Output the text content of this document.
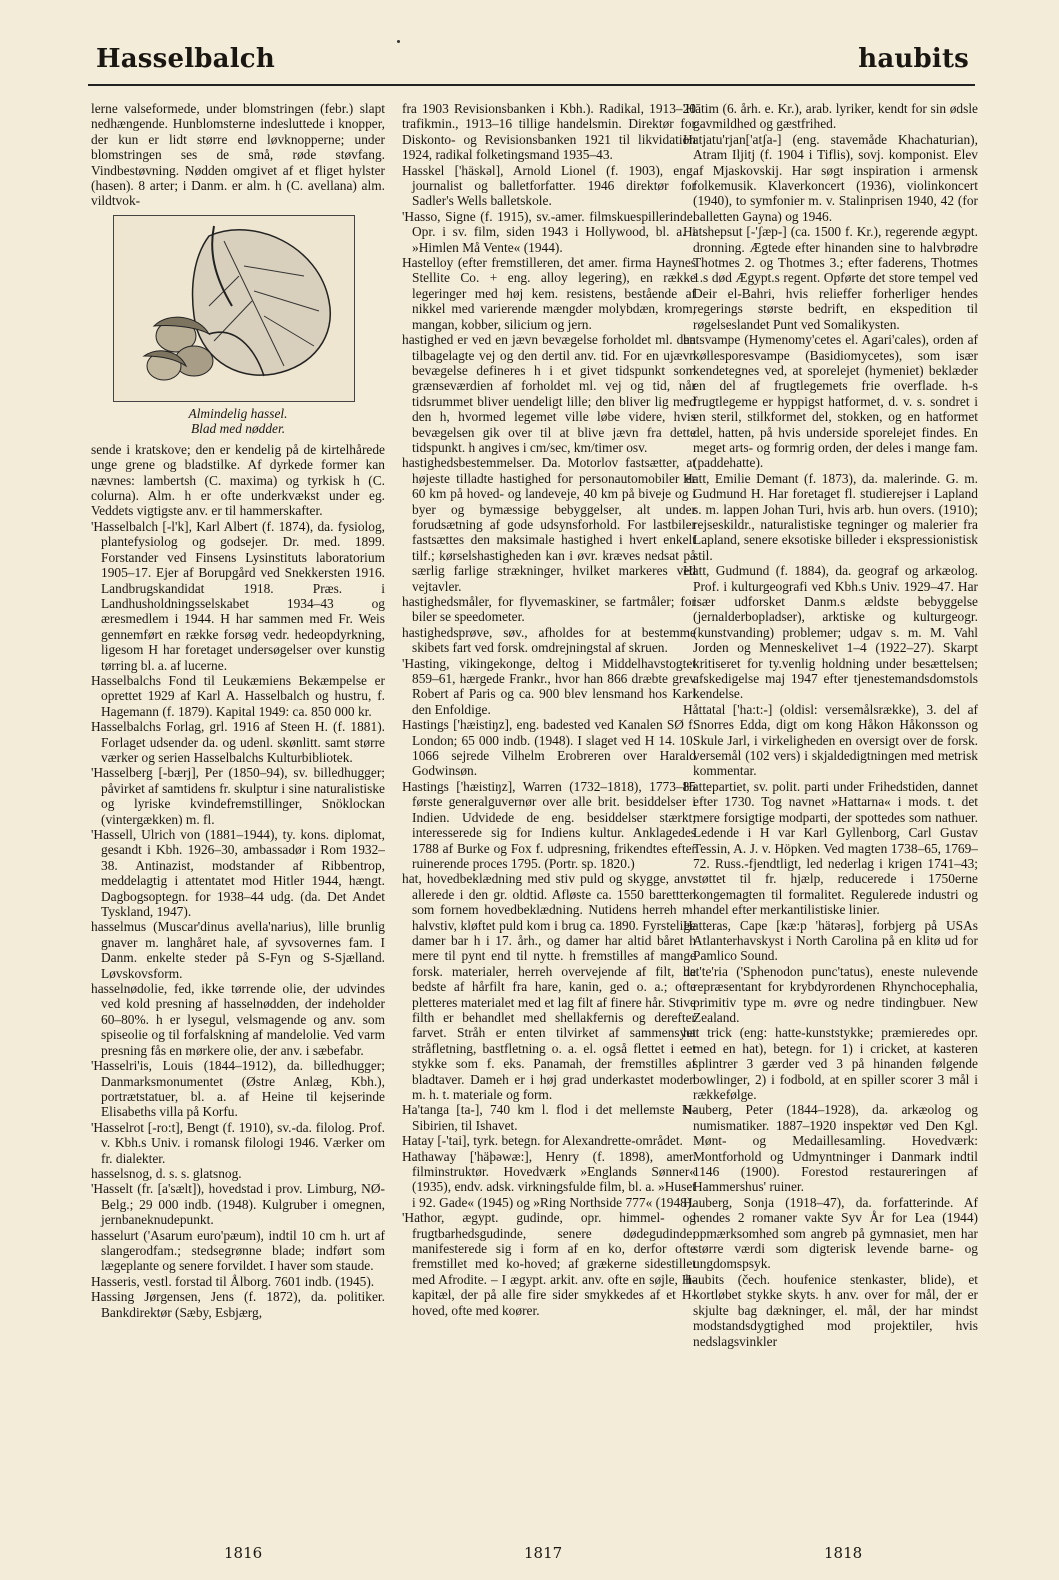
Hasselbalch	haubits

lerne valseformede, under blomstringen (febr.) slapt nedhængende. Hunblomsterne indesluttede i knopper, der kun er lidt større end løvknopperne; under blomstringen ses de små, røde støvfang. Vindbestøvning. Nødden omgivet af et fliget hylster (hasen). 8 arter; i Danm. er alm. h (C. avellana) alm. vildtvok-

Almindelig hassel.
Blad med nødder.

sende i kratskove; den er kendelig på de kirtelhårede unge grene og bladstilke. Af dyrkede former kan nævnes: lambertsh (C. maxima) og tyrkisk h (C. colurna). Alm. h er ofte underkvækst under eg. Veddets vigtigste anv. er til hammerskafter.

'Hasselbalch [-l'k], Karl Albert (f. 1874), da. fysiolog, plantefysiolog og godsejer. Dr. med. 1899. Forstander ved Finsens Lysinstituts laboratorium 1905–17. Ejer af Borupgård ved Snekkersten 1916. Landbrugskandidat 1918. Præs. i Landhusholdningsselskabet 1934–43 og æresmedlem i 1944. H har sammen med Fr. Weis gennemført en række forsøg vedr. hedeopdyrkning, ligesom H har foretaget undersøgelser over kunstig tørring bl. a. af lucerne.

Hasselbalchs Fond til Leukæmiens Bekæmpelse er oprettet 1929 af Karl A. Hasselbalch og hustru, f. Hagemann (f. 1879). Kapital 1949: ca. 850 000 kr.

Hasselbalchs Forlag, grl. 1916 af Steen H. (f. 1881). Forlaget udsender da. og udenl. skønlitt. samt større værker og serien Hasselbalchs Kulturbibliotek.

'Hasselberg [-bærj], Per (1850–94), sv. billedhugger; påvirket af samtidens fr. skulptur i sine naturalistiske og lyriske kvindefremstillinger, Snöklockan (vintergækken) m. fl.

'Hassell, Ulrich von (1881–1944), ty. kons. diplomat, gesandt i Kbh. 1926–30, ambassadør i Rom 1932–38. Antinazist, modstander af Ribbentrop, meddelagtig i attentatet mod Hitler 1944, hængt. Dagbogsoptegn. for 1938–44 udg. (da. Det Andet Tyskland, 1947).

hasselmus (Muscar'dinus avella'narius), lille brunlig gnaver m. langhåret hale, af syvsovernes fam. I Danm. enkelte steder på S-Fyn og S-Sjælland. Løvskovsform.

hasselnødolie, fed, ikke tørrende olie, der udvindes ved kold presning af hasselnødden, der indeholder 60–80%. h er lysegul, velsmagende og anv. som spiseolie og til forfalskning af mandelolie. Ved varm presning fås en mørkere olie, der anv. i sæbefabr.

'Hasselri'is, Louis (1844–1912), da. billedhugger; Danmarksmonumentet (Østre Anlæg, Kbh.), portrætstatuer, bl. a. af Heine til kejserinde Elisabeths villa på Korfu.

'Hasselrot [-ro:t], Bengt (f. 1910), sv.-da. filolog. Prof. v. Kbh.s Univ. i romansk filologi 1946. Værker om fr. dialekter.

hasselsnog, d. s. s. glatsnog.

'Hasselt (fr. [a'sælt]), hovedstad i prov. Limburg, NØ-Belg.; 29 000 indb. (1948). Kulgruber i omegnen, jernbaneknudepunkt.

hasselurt ('Asarum euro'pæum), indtil 10 cm h. urt af slangerodfam.; stedsegrønne blade; indført som lægeplante og senere forvildet. I haver som staude.

Hasseris, vestl. forstad til Ålborg. 7601 indb. (1945).

Hassing Jørgensen, Jens (f. 1872), da. politiker. Bankdirektør (Sæby, Esbjærg,

fra 1903 Revisionsbanken i Kbh.). Radikal, 1913–20 trafikmin., 1913–16 tillige handelsmin. Direktør for Diskonto- og Revisionsbanken 1921 til likvidation 1924, radikal folketingsmand 1935–43.

Hasskel ['häskəl], Arnold Lionel (f. 1903), eng. journalist og balletforfatter. 1946 direktør for Sadler's Wells balletskole.

'Hasso, Signe (f. 1915), sv.-amer. filmskuespillerinde. Opr. i sv. film, siden 1943 i Hollywood, bl. a. i »Himlen Må Vente« (1944).

Hastelloy (efter fremstilleren, det amer. firma Haynes Stellite Co. + eng. alloy legering), en række legeringer med høj kem. resistens, bestående af nikkel med varierende mængder molybdæn, krom, mangan, kobber, silicium og jern.

hastighed er ved en jævn bevægelse forholdet ml. den tilbagelagte vej og den dertil anv. tid. For en ujævn bevægelse defineres h i et givet tidspunkt som grænseværdien af forholdet ml. vej og tid, når tidsrummet bliver uendeligt lille; den bliver lig med den h, hvormed legemet ville løbe videre, hvis bevægelsen gik over til at blive jævn fra dette tidspunkt. h angives i cm/sec, km/timer osv.

hastighedsbestemmelser. Da. Motorlov fastsætter, at højeste tilladte hastighed for personautomobiler er 60 km på hoved- og landeveje, 40 km på biveje og i byer og bymæssige bebyggelser, alt under forudsætning af gode udsynsforhold. For lastbiler fastsættes den maksimale hastighed i hvert enkelt tilf.; kørselshastigheden kan i øvr. kræves nedsat på særlig farlige strækninger, hvilket markeres ved vejtavler.

hastighedsmåler, for flyvemaskiner, se fartmåler; for biler se speedometer.

hastighedsprøve, søv., afholdes for at bestemme skibets fart ved forsk. omdrejningstal af skruen.

'Hasting, vikingekonge, deltog i Middelhavstogtet 859–61, hærgede Frankr., hvor han 866 dræbte grev Robert af Paris og ca. 900 blev lensmand hos Karl den Enfoldige.

Hastings ['hæistiŋz], eng. badested ved Kanalen SØ f. London; 65 000 indb. (1948). I slaget ved H 14. 10. 1066 sejrede Vilhelm Erobreren over Harald Godwinsøn.

Hastings ['hæistiŋz], Warren (1732–1818), 1773–85 første generalguvernør over alle brit. besiddelser i Indien. Udvidede de eng. besiddelser stærkt; interesserede sig for Indiens kultur. Anklagedes 1788 af Burke og Fox f. udpresning, frikendtes efter ruinerende proces 1795. (Portr. sp. 1820.)

hat, hovedbeklædning med stiv puld og skygge, anv. allerede i den gr. oldtid. Afløste ca. 1550 barettten som fornem hovedbeklædning. Nutidens herreh m. halvstiv, kløftet puld kom i brug ca. 1890. Fyrstelige damer bar h i 17. årh., og damer har altid båret h mere til pynt end til nytte. h fremstilles af mange forsk. materialer, herreh overvejende af filt, de bedste af hårfilt fra hare, kanin, ged o. a.; ofte pletteres materialet med et lag filt af finere hår. Stive filth er behandlet med shellakfernis og derefter farvet. Stråh er enten tilvirket af sammensyet stråfletning, bastfletning o. a. el. også flettet i eet stykke som f. eks. Panamah, der fremstilles af bladtaver. Dameh er i høj grad underkastet moden m. h. t. materiale og form.

Ha'tanga [ta-], 740 km l. flod i det mellemste N-Sibirien, til Ishavet.

Hatay [-'tai], tyrk. betegn. for Alexandrette-området.

Hathaway ['häþəwæ:], Henry (f. 1898), amer. filminstruktør. Hovedværk »Englands Sønner« (1935), endv. adsk. virkningsfulde film, bl. a. »Huset i 92. Gade« (1945) og »Ring Northside 777« (1948).

'Hathor, ægypt. gudinde, opr. himmel- og frugtbarhedsgudinde, senere dødegudinde; manifesterede sig i form af en ko, derfor ofte fremstillet med ko-hoved; af grækerne sidestillet med Afrodite. – I ægypt. arkit. anv. ofte en søjle, H-kapitæl, der på alle fire sider smykkedes af et H-hoved, ofte med koører.

'Hātim (6. årh. e. Kr.), arab. lyriker, kendt for sin ødsle gavmildhed og gæstfrihed.

Hatjatu'rjan['atʃa-] (eng. stavemåde Khachaturian), Atram Iljitj (f. 1904 i Tiflis), sovj. komponist. Elev af Mjaskovskij. Har søgt inspiration i armensk folkemusik. Klaverkoncert (1936), violinkoncert (1940), to symfonier m. v. Stalinprisen 1940, 42 (for balletten Gayna) og 1946.

Hatshepsut [-'ʃæp-] (ca. 1500 f. Kr.), regerende ægypt. dronning. Ægtede efter hinanden sine to halvbrødre Thotmes 2. og Thotmes 3.; efter faderens, Thotmes 1.s død Ægypt.s regent. Opførte det store tempel ved Deir el-Bahri, hvis relieffer forherliger hendes regerings største bedrift, en ekspedition til røgelseslandet Punt ved Somalikysten.

hatsvampe (Hymenomy'cetes el. Agari'cales), orden af køllesporesvampe (Basidiomycetes), som især kendetegnes ved, at sporelejet (hymeniet) beklæder en del af frugtlegemets frie overflade. h-s frugtlegeme er hyppigst hatformet, d. v. s. sondret i en steril, stilkformet del, stokken, og en hatformet del, hatten, på hvis underside sporelejet findes. En meget arts- og formrig orden, der deles i mange fam. (paddehatte).

Hatt, Emilie Demant (f. 1873), da. malerinde. G. m. Gudmund H. Har foretaget fl. studierejser i Lapland s. m. lappen Johan Turi, hvis arb. hun overs. (1910); rejseskildr., naturalistiske tegninger og malerier fra Lapland, senere eksotiske billeder i ekspressionistisk stil.

Hatt, Gudmund (f. 1884), da. geograf og arkæolog. Prof. i kulturgeografi ved Kbh.s Univ. 1929–47. Har især udforsket Danm.s ældste bebyggelse (jernalderbopladser), arktiske og kulturgeogr. (kunstvanding) problemer; udgav s. m. M. Vahl Jorden og Menneskelivet 1–4 (1922–27). Skarpt kritiseret for ty.venlig holdning under besættelsen; afskedigelse maj 1947 efter tjenestemandsdomstols kendelse.

Håttatal ['ha:t:-] (oldisl: versemålsrække), 3. del af Snorres Edda, digt om kong Håkon Håkonsson og Skule Jarl, i virkeligheden en oversigt over de forsk. versemål (102 vers) i skjaldedigtningen med metrisk kommentar.

Hattepartiet, sv. polit. parti under Frihedstiden, dannet efter 1730. Tog navnet »Hattarna« i mods. t. det mere forsigtige modparti, der spottedes som nathuer. Ledende i H var Karl Gyllenborg, Carl Gustav Tessin, A. J. v. Höpken. Ved magten 1738–65, 1769–72. Russ.-fjendtligt, led nederlag i krigen 1741–43; støttet til fr. hjælp, reducerede i 1750erne kongemagten til formalitet. Regulerede industri og handel efter merkantilistiske linier.

Hatteras, Cape [kæ:p 'hätərəs], forbjerg på USAs Atlanterhavskyst i North Carolina på en klitø ud for Pamlico Sound.

hat'te'ria ('Sphenodon punc'tatus), eneste nulevende repræsentant for krybdyrordenen Rhynchocephalia, primitiv type m. øvre og nedre tindingbuer. New Zealand.

hat trick (eng: hatte-kunststykke; præmieredes opr. med en hat), betegn. for 1) i cricket, at kasteren splintrer 3 gærder ved 3 på hinanden følgende bowlinger, 2) i fodbold, at en spiller scorer 3 mål i rækkefølge.

Hauberg, Peter (1844–1928), da. arkæolog og numismatiker. 1887–1920 inspektør ved Den Kgl. Mønt- og Medaillesamling. Hovedværk: Montforhold og Udmyntninger i Danmark indtil 1146 (1900). Forestod restaureringen af Hammershus' ruiner.

Hauberg, Sonja (1918–47), da. forfatterinde. Af hendes 2 romaner vakte Syv År for Lea (1944) opmærksomhed som angreb på gymnasiet, men har større værdi som digterisk levende barne- og ungdomspsyk.

'haubits (čech. houfenice stenkaster, blide), et kortløbet stykke skyts. h anv. over for mål, der er skjulte bag dækninger, el. mål, der har mindst modstandsdygtighed mod projektiler, hvis nedslagsvinkler

1816	1817	1818
